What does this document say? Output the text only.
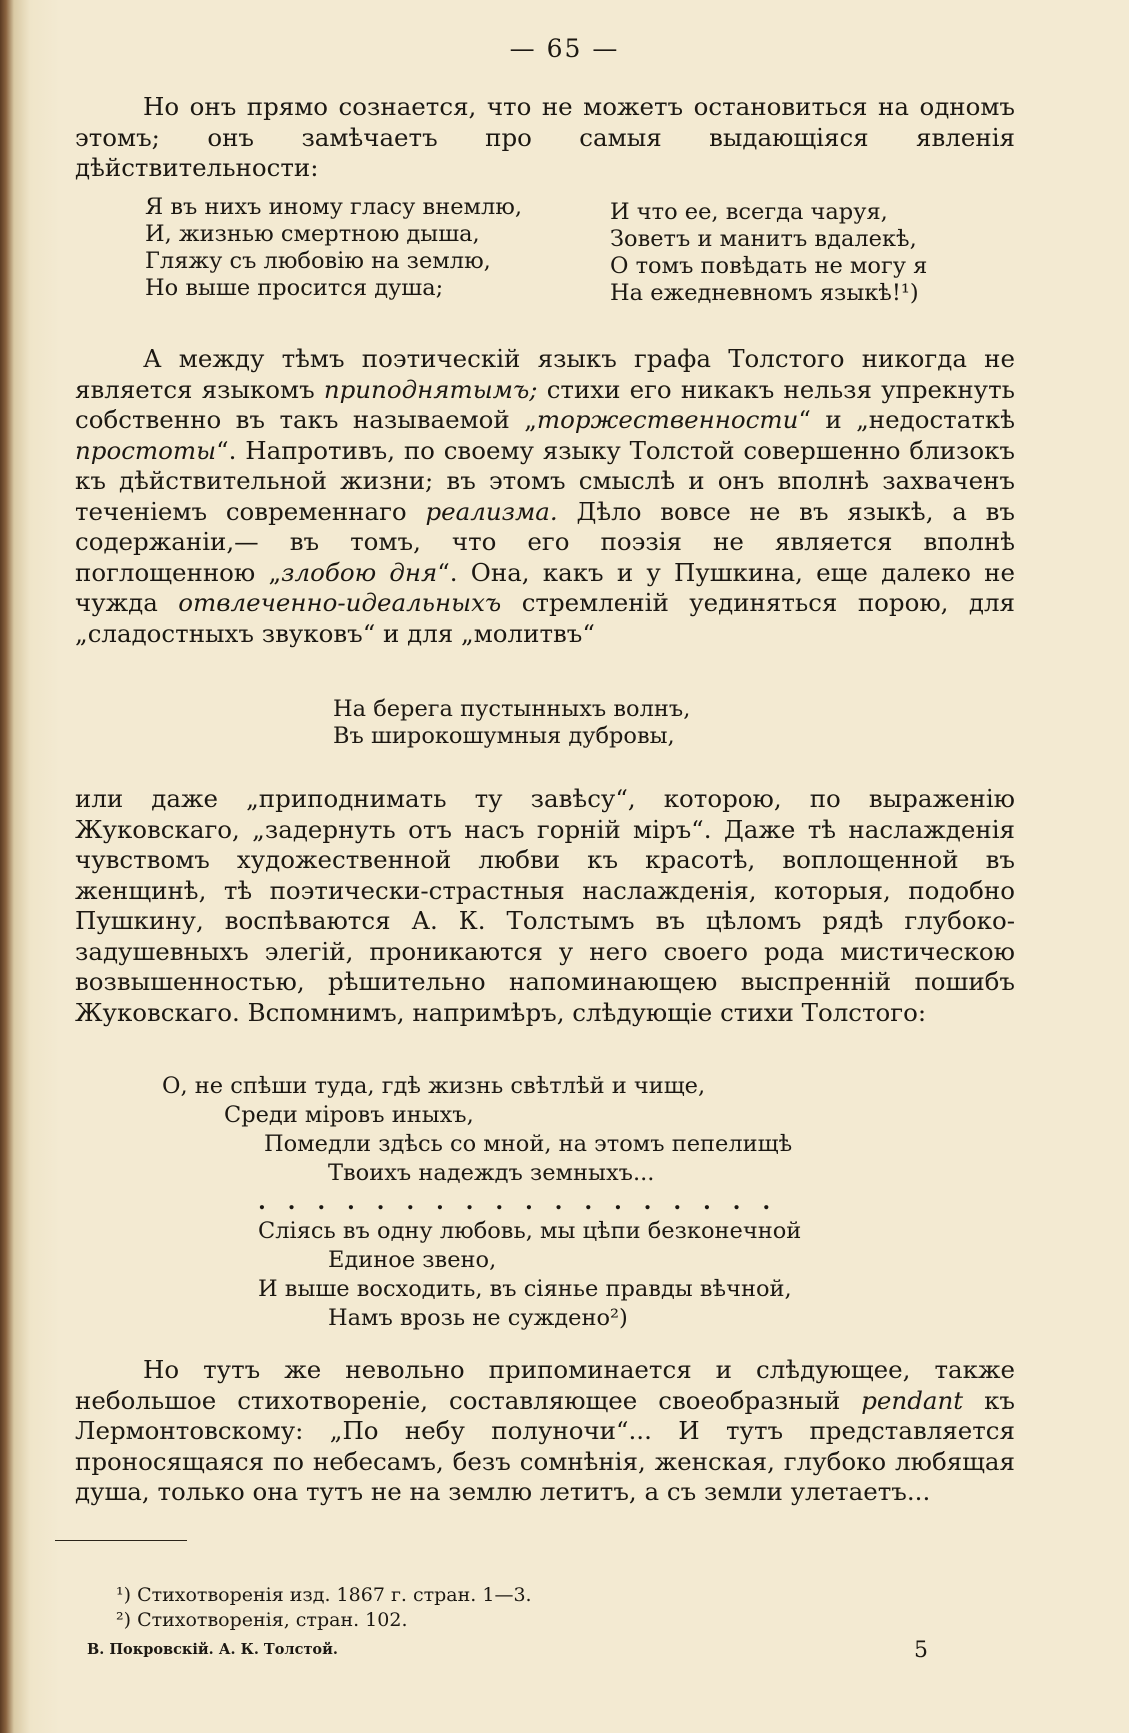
— 65 —

Но онъ прямо сознается, что не можетъ остановиться на одномъ этомъ; онъ замѣчаетъ про самыя выдающіяся явленія дѣйствительности:

Я въ нихъ иному гласу внемлю,
И, жизнью смертною дыша,
Гляжу съ любовію на землю,
Но выше просится душа;
И что ее, всегда чаруя,
Зоветъ и манитъ вдалекѣ,
О томъ повѣдать не могу я
На ежедневномъ языкѣ!¹)

А между тѣмъ поэтическій языкъ графа Толстого никогда не является языкомъ приподнятымъ; стихи его никакъ нельзя упрекнуть собственно въ такъ называемой „торжественности“ и „недостаткѣ простоты“. Напротивъ, по своему языку Толстой совершенно близокъ къ дѣйствительной жизни; въ этомъ смыслѣ и онъ вполнѣ захваченъ теченіемъ современнаго реализма. Дѣло вовсе не въ языкѣ, а въ содержаніи,— въ томъ, что его поэзія не является вполнѣ поглощенною „злобою дня“. Она, какъ и у Пушкина, еще далеко не чужда отвлеченно-идеальныхъ стремленій уединяться порою, для „сладостныхъ звуковъ“ и для „молитвъ“

На берега пустынныхъ волнъ,
Въ широкошумныя дубровы,

или даже „приподнимать ту завѣсу“, которою, по выраженію Жуковскаго, „задернуть отъ насъ горній міръ“. Даже тѣ наслажденія чувствомъ художественной любви къ красотѣ, воплощенной въ женщинѣ, тѣ поэтически-страстныя наслажденія, которыя, подобно Пушкину, воспѣваются А. К. Толстымъ въ цѣломъ рядѣ глубоко-задушевныхъ элегій, проникаются у него своего рода мистическою возвышенностью, рѣшительно напоминающею выспренній пошибъ Жуковскаго. Вспомнимъ, напримѣръ, слѣдующіе стихи Толстого:

О, не спѣши туда, гдѣ жизнь свѣтлѣй и чище,
Среди міровъ иныхъ,
Помедли здѣсь со мной, на этомъ пепелищѣ
Твоихъ надеждъ земныхъ...
. . . . . . . . . . . . . . . . . .
Сліясь въ одну любовь, мы цѣпи безконечной
Единое звено,
И выше восходить, въ сіянье правды вѣчной,
Намъ врозь не суждено²)

Но тутъ же невольно припоминается и слѣдующее, также небольшое стихотвореніе, составляющее своеобразный pendant къ Лермонтовскому: „По небу полуночи“... И тутъ представляется проносящаяся по небесамъ, безъ сомнѣнія, женская, глубоко любящая душа, только она тутъ не на землю летитъ, а съ земли улетаетъ...

¹) Стихотворенія изд. 1867 г. стран. 1—3.
²) Стихотворенія, стран. 102.
В. Покровскій. А. К. Толстой.	5
